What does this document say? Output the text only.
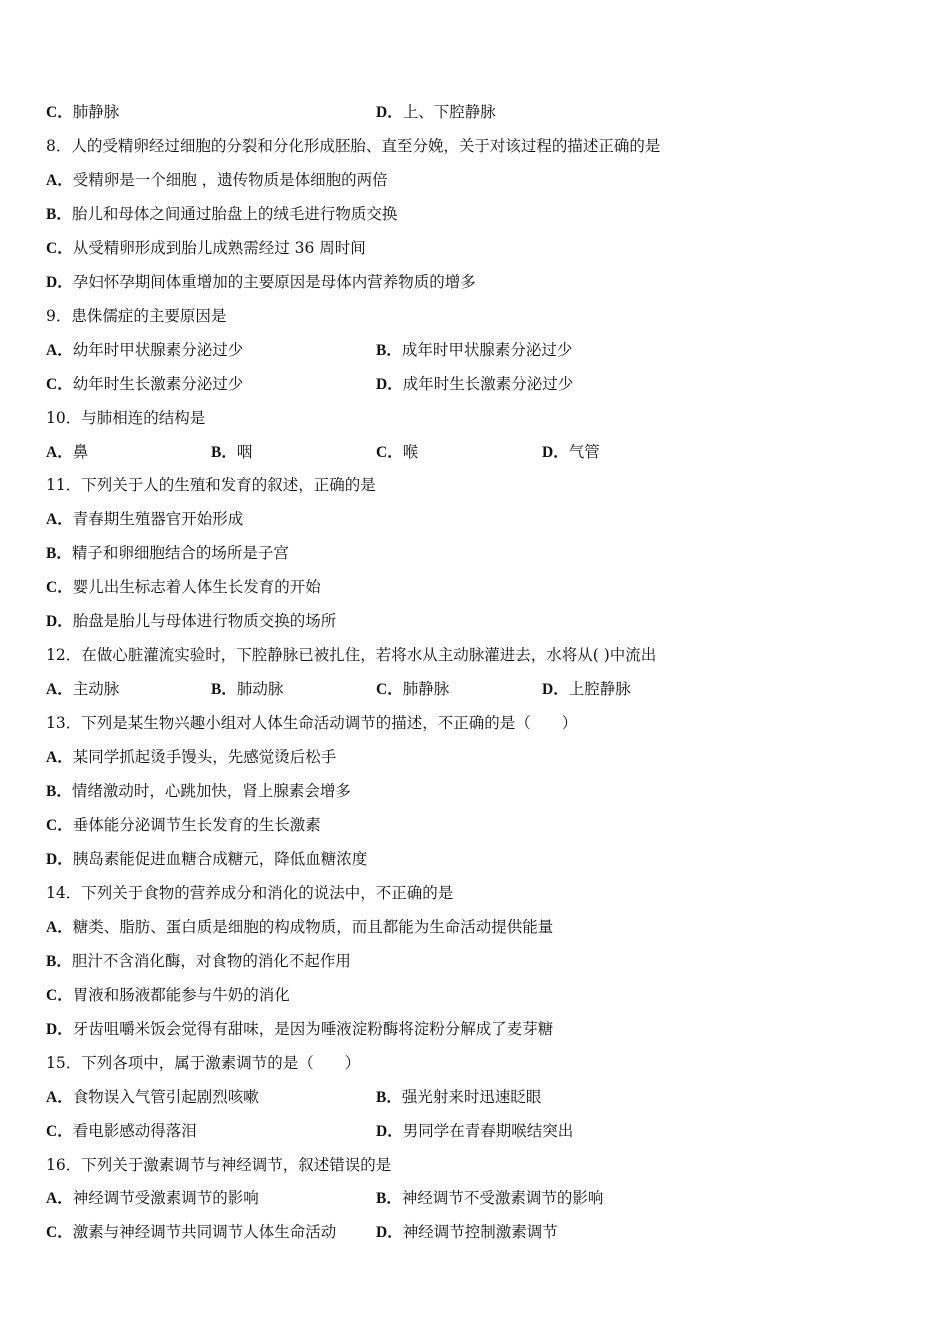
C．肺静脉	D．上、下腔静脉
8．人的受精卵经过细胞的分裂和分化形成胚胎、直至分娩，关于对该过程的描述正确的是
A．受精卵是一个细胞 ，遗传物质是体细胞的两倍
B．胎儿和母体之间通过胎盘上的绒毛进行物质交换
C．从受精卵形成到胎儿成熟需经过 36 周时间
D．孕妇怀孕期间体重增加的主要原因是母体内营养物质的增多
9．患侏儒症的主要原因是
A．幼年时甲状腺素分泌过少	B．成年时甲状腺素分泌过少
C．幼年时生长激素分泌过少	D．成年时生长激素分泌过少
10．与肺相连的结构是
A．鼻	B．咽	C．喉	D．气管
11．下列关于人的生殖和发育的叙述，正确的是
A．青春期生殖器官开始形成
B．精子和卵细胞结合的场所是子宫
C．婴儿出生标志着人体生长发育的开始
D．胎盘是胎儿与母体进行物质交换的场所
12．在做心脏灌流实验时，下腔静脉已被扎住，若将水从主动脉灌进去，水将从( )中流出
A．主动脉	B．肺动脉	C．肺静脉	D．上腔静脉
13．下列是某生物兴趣小组对人体生命活动调节的描述，不正确的是（　　）
A．某同学抓起烫手馒头，先感觉烫后松手
B．情绪激动时，心跳加快，肾上腺素会增多
C．垂体能分泌调节生长发育的生长激素
D．胰岛素能促进血糖合成糖元，降低血糖浓度
14．下列关于食物的营养成分和消化的说法中，不正确的是
A．糖类、脂肪、蛋白质是细胞的构成物质，而且都能为生命活动提供能量
B．胆汁不含消化酶，对食物的消化不起作用
C．胃液和肠液都能参与牛奶的消化
D．牙齿咀嚼米饭会觉得有甜味，是因为唾液淀粉酶将淀粉分解成了麦芽糖
15．下列各项中，属于激素调节的是（　　）
A．食物误入气管引起剧烈咳嗽	B．强光射来时迅速眨眼
C．看电影感动得落泪	D．男同学在青春期喉结突出
16．下列关于激素调节与神经调节，叙述错误的是
A．神经调节受激素调节的影响	B．神经调节不受激素调节的影响
C．激素与神经调节共同调节人体生命活动	D．神经调节控制激素调节
